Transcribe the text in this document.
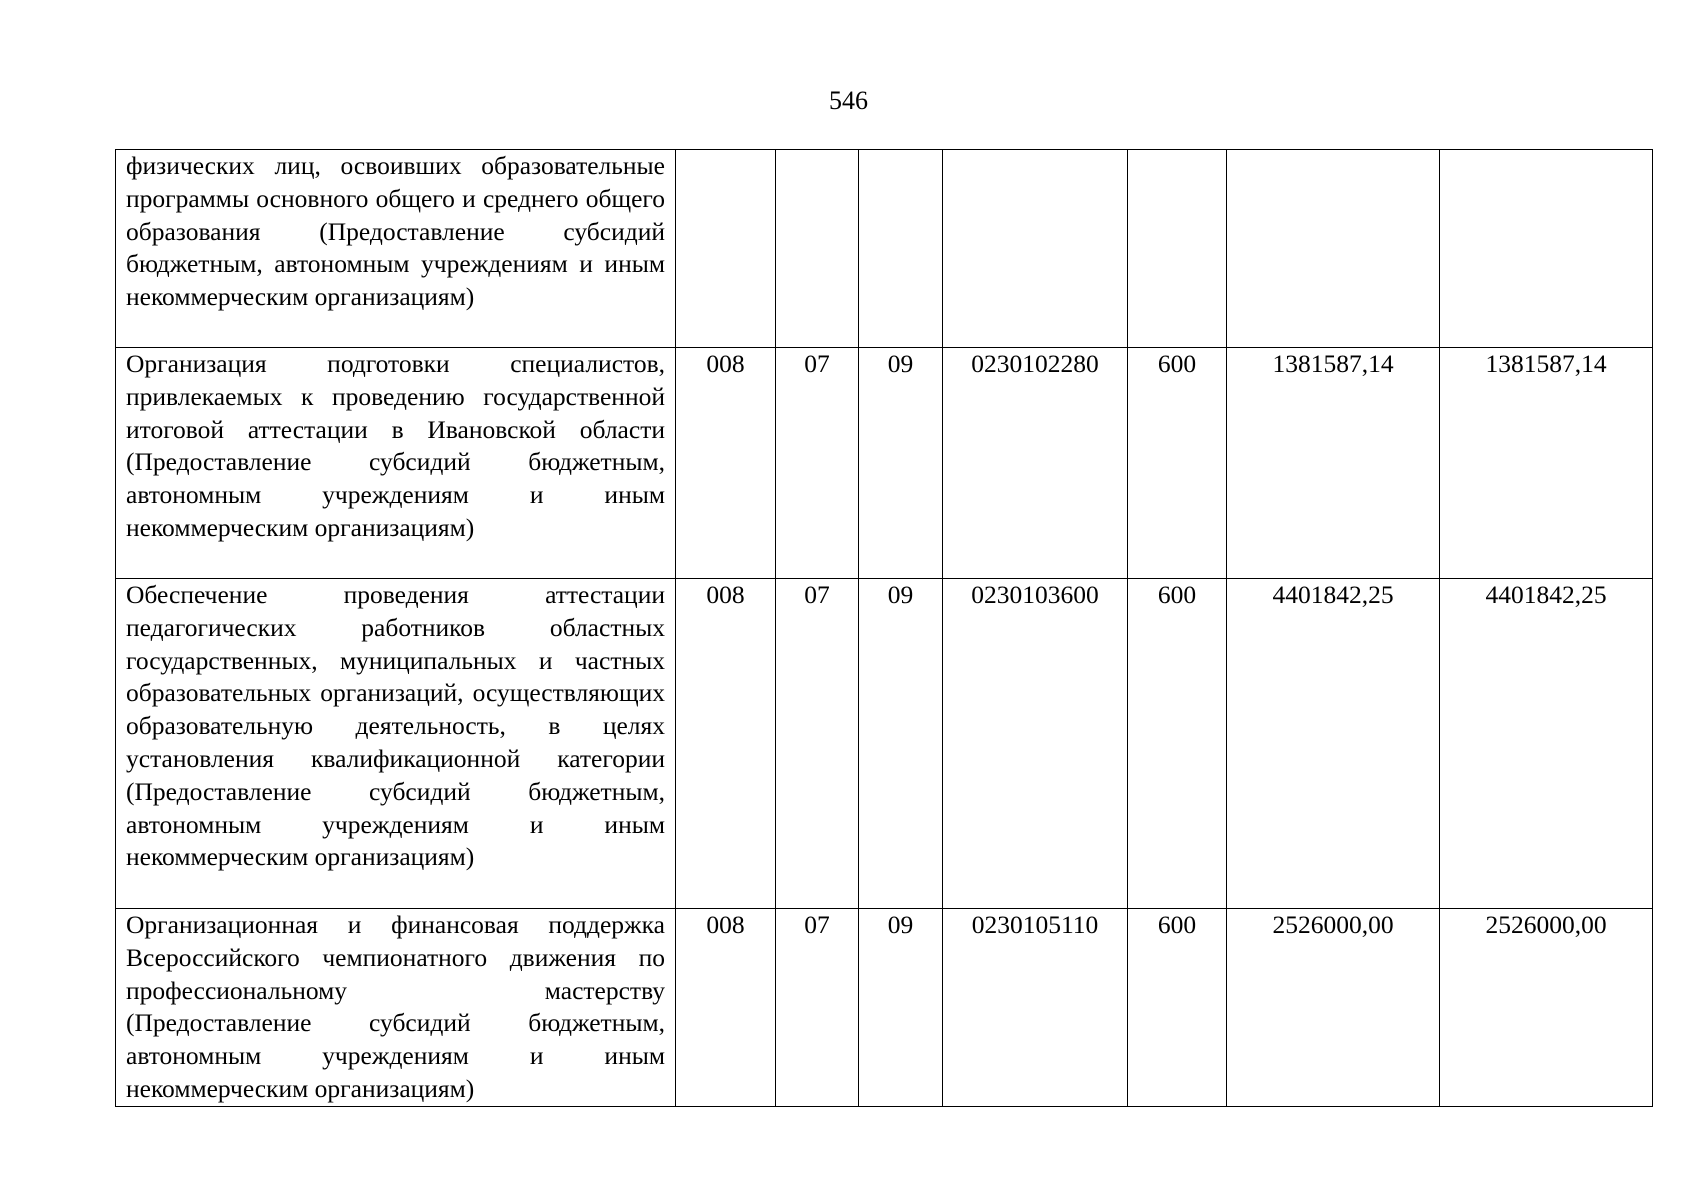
546
физических лиц, освоивших образовательные программы основного общего и среднего общего образования (Предоставление субсидий бюджетным, автономным учреждениям и иным некоммерческим организациям)							
Организация подготовки специалистов, привлекаемых к проведению государственной итоговой аттестации в Ивановской области (Предоставление субсидий бюджетным, автономным учреждениям и иным некоммерческим организациям)	008	07	09	0230102280	600	1381587,14	1381587,14
Обеспечение проведения аттестации педагогических работников областных государственных, муниципальных и частных образовательных организаций, осуществляющих образовательную деятельность, в целях установления квалификационной категории (Предоставление субсидий бюджетным, автономным учреждениям и иным некоммерческим организациям)	008	07	09	0230103600	600	4401842,25	4401842,25
Организационная и финансовая поддержка Всероссийского чемпионатного движения по профессиональному мастерству (Предоставление субсидий бюджетным, автономным учреждениям и иным некоммерческим организациям)	008	07	09	0230105110	600	2526000,00	2526000,00
